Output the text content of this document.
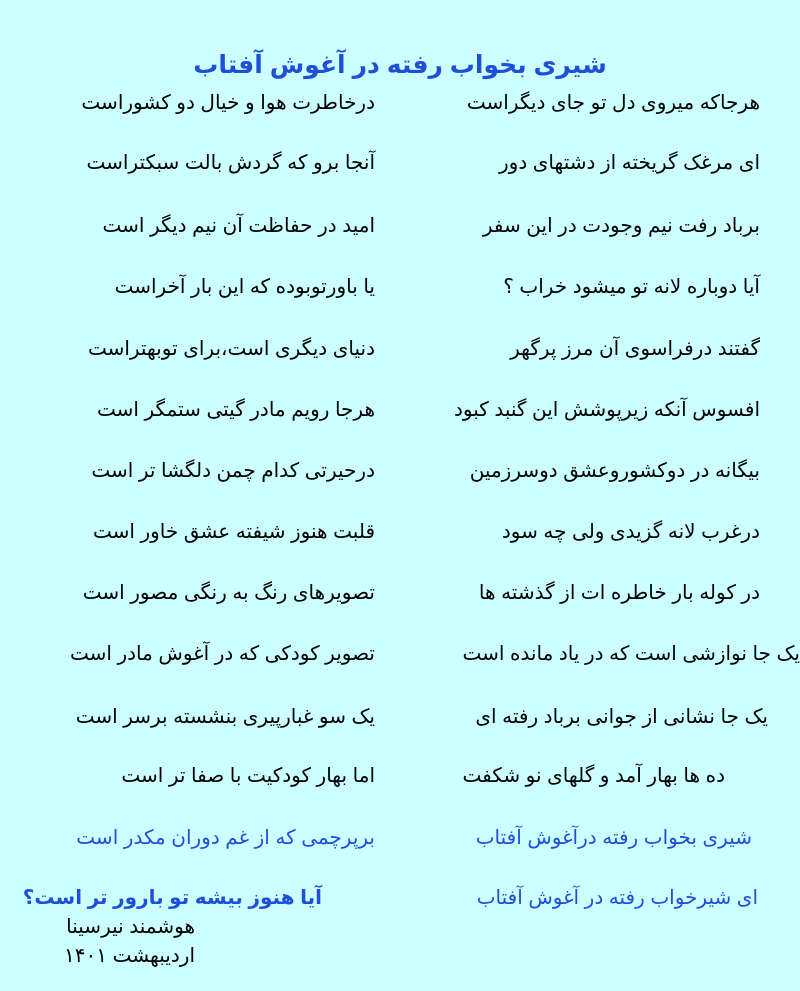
شیری بخواب رفته در آغوش آفتاب
هرجاکه میروی دل تو جای دیگراست
درخاطرت هوا و خیال دو کشوراست
ای مرغک گریخته از دشتهای دور
آنجا برو که گردش بالت سبکتراست
برباد رفت نیم وجودت در این سفر
امید در حفاظت آن نیم دیگر است
آیا دوباره لانه تو میشود خراب ؟
یا باورتوبوده که این بار آخراست
گفتند درفراسوی آن مرز پرگهر
دنیای دیگری است،برای توبهتراست
افسوس آنکه زیرپوشش این گنبد کبود
هرجا رویم مادر گیتی ستمگر است
بیگانه در دوکشوروعشق دوسرزمین
درحیرتی کدام چمن دلگشا تر است
درغرب لانه گزیدی ولی چه سود
قلبت هنوز شیفته عشق خاور است
در کوله بار خاطره ات از گذشته ها
تصویرهای رنگ به رنگی مصور است
یک جا نوازشی است که در یاد مانده است
تصویر کودکی که در آغوش مادر است
یک جا نشانی از جوانی برباد رفته ای
یک سو غبارپیری بنشسته برسر است
ده ها بهار آمد و گلهای نو شکفت
اما بهار کودکیت با صفا تر است
شیری بخواب رفته درآغوش آفتاب
برپرچمی که از غم دوران مکدر است
ای شیرخواب رفته در آغوش آفتاب
آیا هنوز بیشه تو بارور تر است؟
هوشمند نیرسینا
اردیبهشت ۱۴۰۱
